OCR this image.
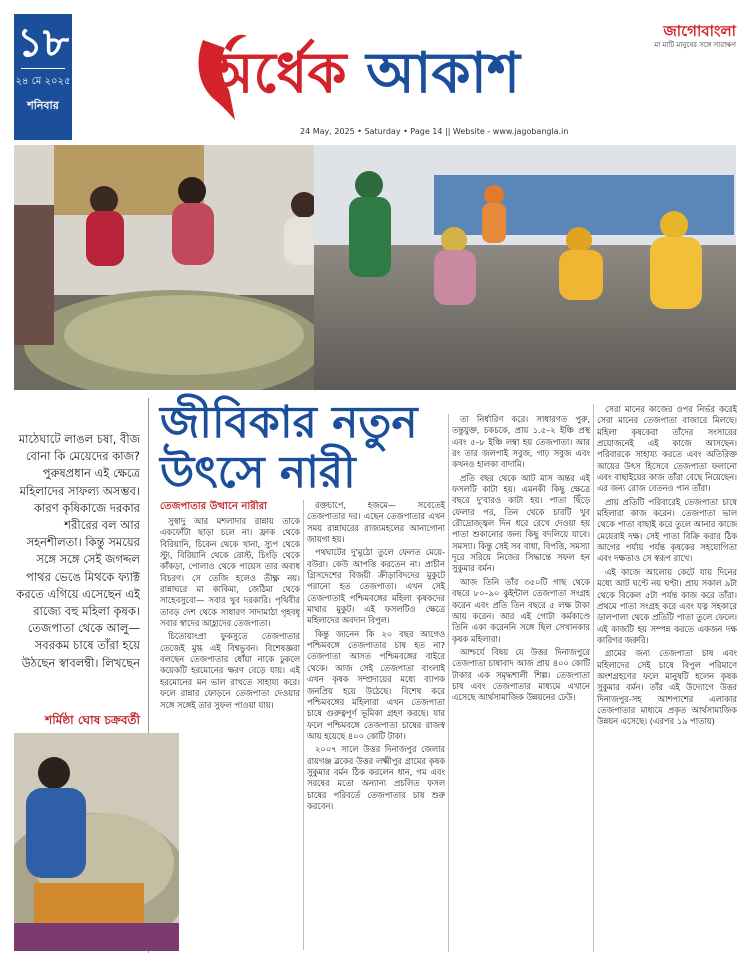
১৮
২৪ মে ২০২৫
শনিবার	অর্ধেক আকাশ
জাগোবাংলা
মা মাটি মানুষের সঙ্গে সারাক্ষণ
24 May, 2025 • Saturday • Page 14 || Website - www.jagobangla.in
জীবিকার নতুন
উৎসে নারী
মাঠেঘাটে লাঙল চষা, বীজ বোনা কি মেয়েদের কাজ? পুরুষপ্রধান এই ক্ষেত্রে মহিলাদের সাফল্য অসম্ভব। কারণ কৃষিকাজে দরকার শরীরের বল আর সহনশীলতা। কিন্তু সময়ের সঙ্গে সঙ্গে সেই জগদ্দল পাথর ভেঙে মিথকে ফ্যাক্ট করতে এগিয়ে এসেছেন এই রাজ্যে বহু মহিলা কৃষক। তেজপাতা থেকে আলু— সবরকম চাষে তাঁরা হয়ে উঠছেন স্বাবলম্বী। লিখছেন
শর্মিষ্ঠা ঘোষ চক্রবর্তী
তেজপাতার উত্থানে নারীরা

সুস্বাদু আর মশলাদার রান্নায় তাকে একফোঁটা ছাড়া চলে না। ফ্রাক থেকে বিরিয়ানি, চিকেন থেকে খানা, স্যুপ থেকে স্ট্যু, বিরিয়ানি থেকে রোস্ট, চিংড়ি থেকে কাঁকড়া, পোলাও থেকে পায়েস তার অবাধ বিচরণ। সে তেজি হলেও তীক্ষ্ণ নয়। রান্নাঘরে মা কাকিমা, জেঠিমা থেকে সাহেবসুবো— সবার খুব দরকারি। পৃথিবীর তাবড় দেশ থেকে সাধারণ সাদামাঠা গৃহবধূ সবার স্বাদের আহ্লাদের তেজপাতা।

চিতোয়াংপ্রা ফুকসুতে তেজপাতার তেজেই মুগ্ধ এই বিশ্বভুবন। বিশেষজ্ঞরা বলছেন তেজপাতার ধোঁয়া নাকে ঢুকলে কয়েকটি হরমোনের ক্ষরণ বেড়ে যায়। এই হরমোনের মন ভাল রাখতে সাহায্য করে। ফলে রান্নার ফোড়নে তেজপাতা দেওয়ার সঙ্গে সঙ্গেই তার সুফল পাওয়া যায়।

রক্তচাপে, হজমে— সবেতেই তেজপাতার দর। এছেন তেজপাতার এখন সময় রান্নাঘরের রাজ্যমহলের আনাগোনা জায়গা হয়।

পথঘাটের দু'মুঠো তুলে ফেলত মেয়ে-বউরা। কেউ আপত্তি করতেন না। প্রাচীন গ্রিসদেশের বিজয়ী ক্রীড়াবিদদের মুকুটে পরানো হত তেজপাতা। এখন সেই তেজপাতাই পশ্চিমবঙ্গের মহিলা কৃষকদের মাথার মুকুট। এই ফসলটিও ক্ষেত্রে মহিলাদের অবদান বিপুল।

কিন্তু জানেন কি ২০ বছর আগেও পশ্চিমবঙ্গে তেজপাতার চাষ হত না? তেজপাতা আসত পশ্চিমবঙ্গের বাইরে থেকে। আজ সেই তেজপাতা বাংলাই এখন কৃষক সম্প্রদায়ের মধ্যে ব্যাপক জনপ্রিয় হয়ে উঠেছে। বিশেষ করে পশ্চিমবঙ্গের মহিলারা এখন তেজপাতা চাষে গুরুত্বপূর্ণ ভূমিকা গ্রহণ করছে। যার ফলে পশ্চিমবঙ্গে তেজপাতা চাষের রাজস্ব আয় হয়েছে ৪০০ কোটি টাকা।

২০০৭ সালে উত্তর দিনাজপুর জেলার রায়গঞ্জ ব্লকের উত্তর লক্ষ্মীপুর গ্রামের কৃষক সুকুমার বর্মন ঠিক করলেন ধান, গম এবং সরষের মতো অন্যান্য প্রচলিত ফসল চাষের পরিবর্তে তেজপাতার চাষ শুরু করবেন।

তা নির্ধারিণ করে। সাধারণত পুরু, তন্তুযুক্ত, চকচকে, প্রায় ১.৫–২ ইঞ্চি প্রস্থ এবং ৫–৮ ইঞ্চি লম্বা হয় তেজপাতা। আর রং তার জলপাই সবুজ, গাঢ় সবুজ এবং কখনও হালকা বাদামি।

প্রতি বছর থেকে আট মাস অন্তর এই ফসলটি কাটা হয়। এমনকী কিছু ক্ষেত্রে বছরে দু'বারও কাটা হয়। পাতা ছিঁড়ে ফেলার পর, তিন থেকে চারটি খুব রৌদ্রোজ্জ্বল দিন ধরে রেখে দেওয়া হয় পাতা শুকানোর জন্য কিছু বদলিয়ে যাবে। সমস্যা। কিন্তু সেই সব বাধা, বিপত্তি, সমস্যা দূরে সরিয়ে নিজের সিদ্ধান্তে সফল হন সুকুমার বর্মন।

আজ তিনি তাঁর ৩৫০টি গাছ থেকে বছরে ৮০–৯০ কুইন্টাল তেজপাতা সংগ্রহ করেন এবং প্রতি তিন বছরে ৫ লক্ষ টাকা আয় করেন। আর এই গোটা কর্মকাণ্ডে তিনি একা করেননি সঙ্গে ছিল সেখানকার কৃষক মহিলারা।

আশ্চর্যে বিষয় যে উত্তর দিনাজপুরে তেজপাতা চাষাবাদ আজ প্রায় ৪০০ কোটি টাকার এক সমৃদ্ধশালী শিল্প। তেজপাতা চাষ এবং তেজপাতার মাধ্যমে এখানে এসেছে আর্থসামাজিক উন্নয়নের ঢেউ।

সেরা মানের কাজের ওপর নির্ভর করেই সেরা মানের তেজপাতা বাজারে মিলছে। মহিলা কৃষকেরা তাঁদের সংসারের প্রয়োজনেই এই কাজে আসছেন। পরিবারকে সাহায্য করতে এবং অতিরিক্ত আয়ের উৎস হিসেবে তেজপাতা ফলানো এবং বাছাইয়ের কাজ তাঁরা বেছে নিয়েছেন। এর জন্য রোজ বেতনও পান তাঁরা।

প্রায় প্রতিটি পরিবারেই তেজপাতা চাষে মহিলারা কাজ করেন। তেজপাতা ভাল থেকে পাতা বাছাই করে তুলে আনার কাজে মেয়েরাই দক্ষ। সেই পাতা বিক্রি করার ঠিক আগের পর্যায় পর্যন্ত কৃষকের সহযোগিতা এবং দক্ষতাও সে স্বরূপ রাখে।

এই কাজে আলোয় কেটে যায় দিনের মধ্যে আট ঘণ্টে নয় ঘণ্টা। প্রায় সকাল ৯টা থেকে বিকেল ৫টা পর্যন্ত কাজ করে তাঁরা। প্রথমে পাতা সংগ্রহ করে এবং যত্ন সহকারে ডালপালা থেকে প্রতিটি পাতা তুলে ফেলে। এই কাজটি হয় সম্পন্ন করতে একজন দক্ষ কারিগর জরুরি।

গ্রামের জন্য তেজপাতা চাষ এবং মহিলাদের সেই চাষে বিপুল পরিমাণে অংশগ্রহণের ফলে মানুষটি হলেন কৃষক সুকুমার বর্মন। তাঁর এই উদ্যোগে উত্তর দিনাজপুর-সহ আশপাশের এলাকার তেজপাতার মাধ্যমে প্রকৃত আর্থসামাজিক উন্নয়ন এসেছে। (এরপর ১৯ পাতায়)
